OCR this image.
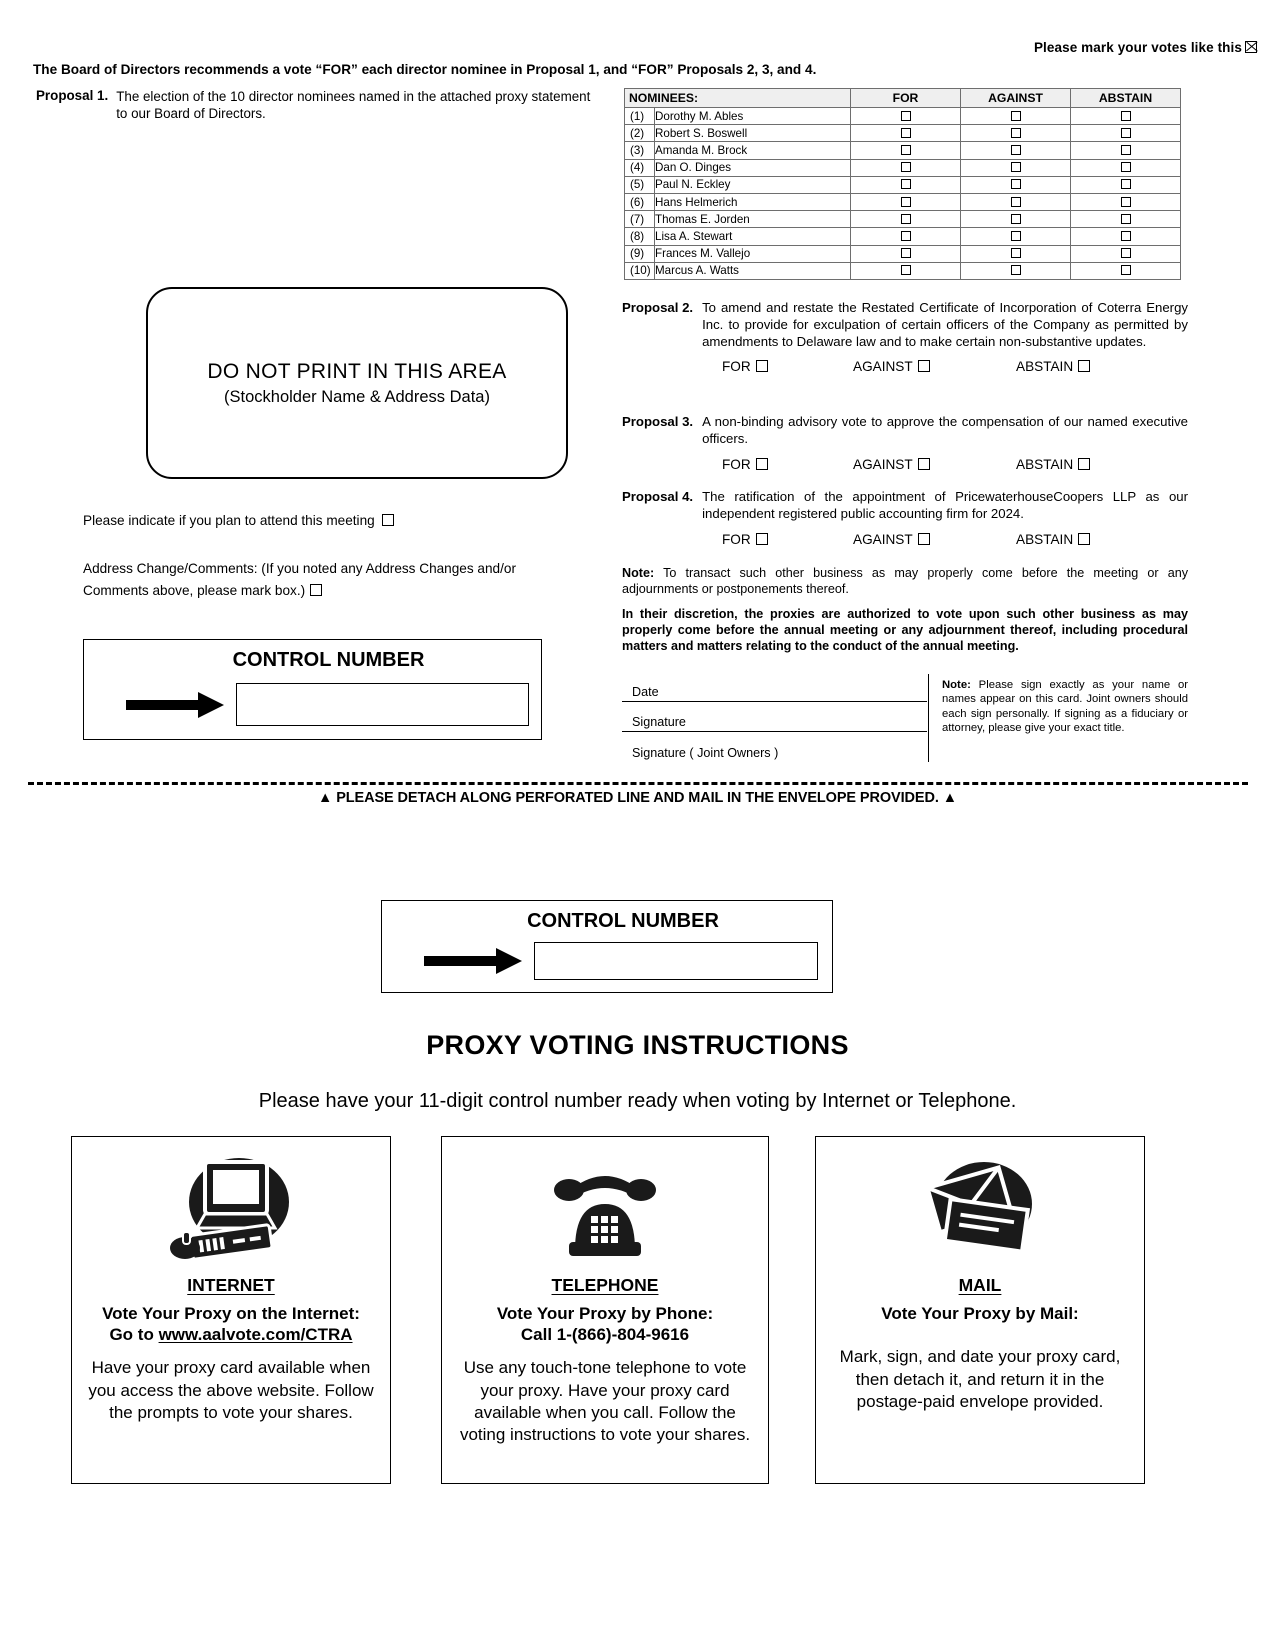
Please mark your votes like this
The Board of Directors recommends a vote “FOR” each director nominee in Proposal 1, and “FOR” Proposals 2, 3, and 4.
Proposal 1. The election of the 10 director nominees named in the attached proxy statement to our Board of Directors.
NOMINEES:		FOR	AGAINST	ABSTAIN
(1)	Dorothy M. Ables			
(2)	Robert S. Boswell			
(3)	Amanda M. Brock			
(4)	Dan O. Dinges			
(5)	Paul N. Eckley			
(6)	Hans Helmerich			
(7)	Thomas E. Jorden			
(8)	Lisa A. Stewart			
(9)	Frances M. Vallejo			
(10)	Marcus A. Watts			
Proposal 2. To amend and restate the Restated Certificate of Incorporation of Coterra Energy Inc. to provide for exculpation of certain officers of the Company as permitted by amendments to Delaware law and to make certain non-substantive updates.
FOR	AGAINST	ABSTAIN
Proposal 3. A non-binding advisory vote to approve the compensation of our named executive officers.
FOR	AGAINST	ABSTAIN
Proposal 4. The ratification of the appointment of PricewaterhouseCoopers LLP as our independent registered public accounting firm for 2024.
FOR	AGAINST	ABSTAIN
Note: To transact such other business as may properly come before the meeting or any adjournments or postponements thereof.
In their discretion, the proxies are authorized to vote upon such other business as may properly come before the annual meeting or any adjournment thereof, including procedural matters and matters relating to the conduct of the annual meeting.
Date
Signature
Signature ( Joint Owners )
Note: Please sign exactly as your name or names appear on this card. Joint owners should each sign personally. If signing as a fiduciary or attorney, please give your exact title.
DO NOT PRINT IN THIS AREA
(Stockholder Name & Address Data)
Please indicate if you plan to attend this meeting
Address Change/Comments: (If you noted any Address Changes and/or Comments above, please mark box.)
CONTROL NUMBER
▲ PLEASE DETACH ALONG PERFORATED LINE AND MAIL IN THE ENVELOPE PROVIDED. ▲
CONTROL NUMBER
PROXY VOTING INSTRUCTIONS
Please have your 11-digit control number ready when voting by Internet or Telephone.
INTERNET
Vote Your Proxy on the Internet:
Go to www.aalvote.com/CTRA
Have your proxy card available when you access the above website. Follow the prompts to vote your shares.
TELEPHONE
Vote Your Proxy by Phone:
Call 1-(866)-804-9616
Use any touch-tone telephone to vote your proxy. Have your proxy card available when you call. Follow the voting instructions to vote your shares.
MAIL
Vote Your Proxy by Mail:
Mark, sign, and date your proxy card, then detach it, and return it in the postage-paid envelope provided.
